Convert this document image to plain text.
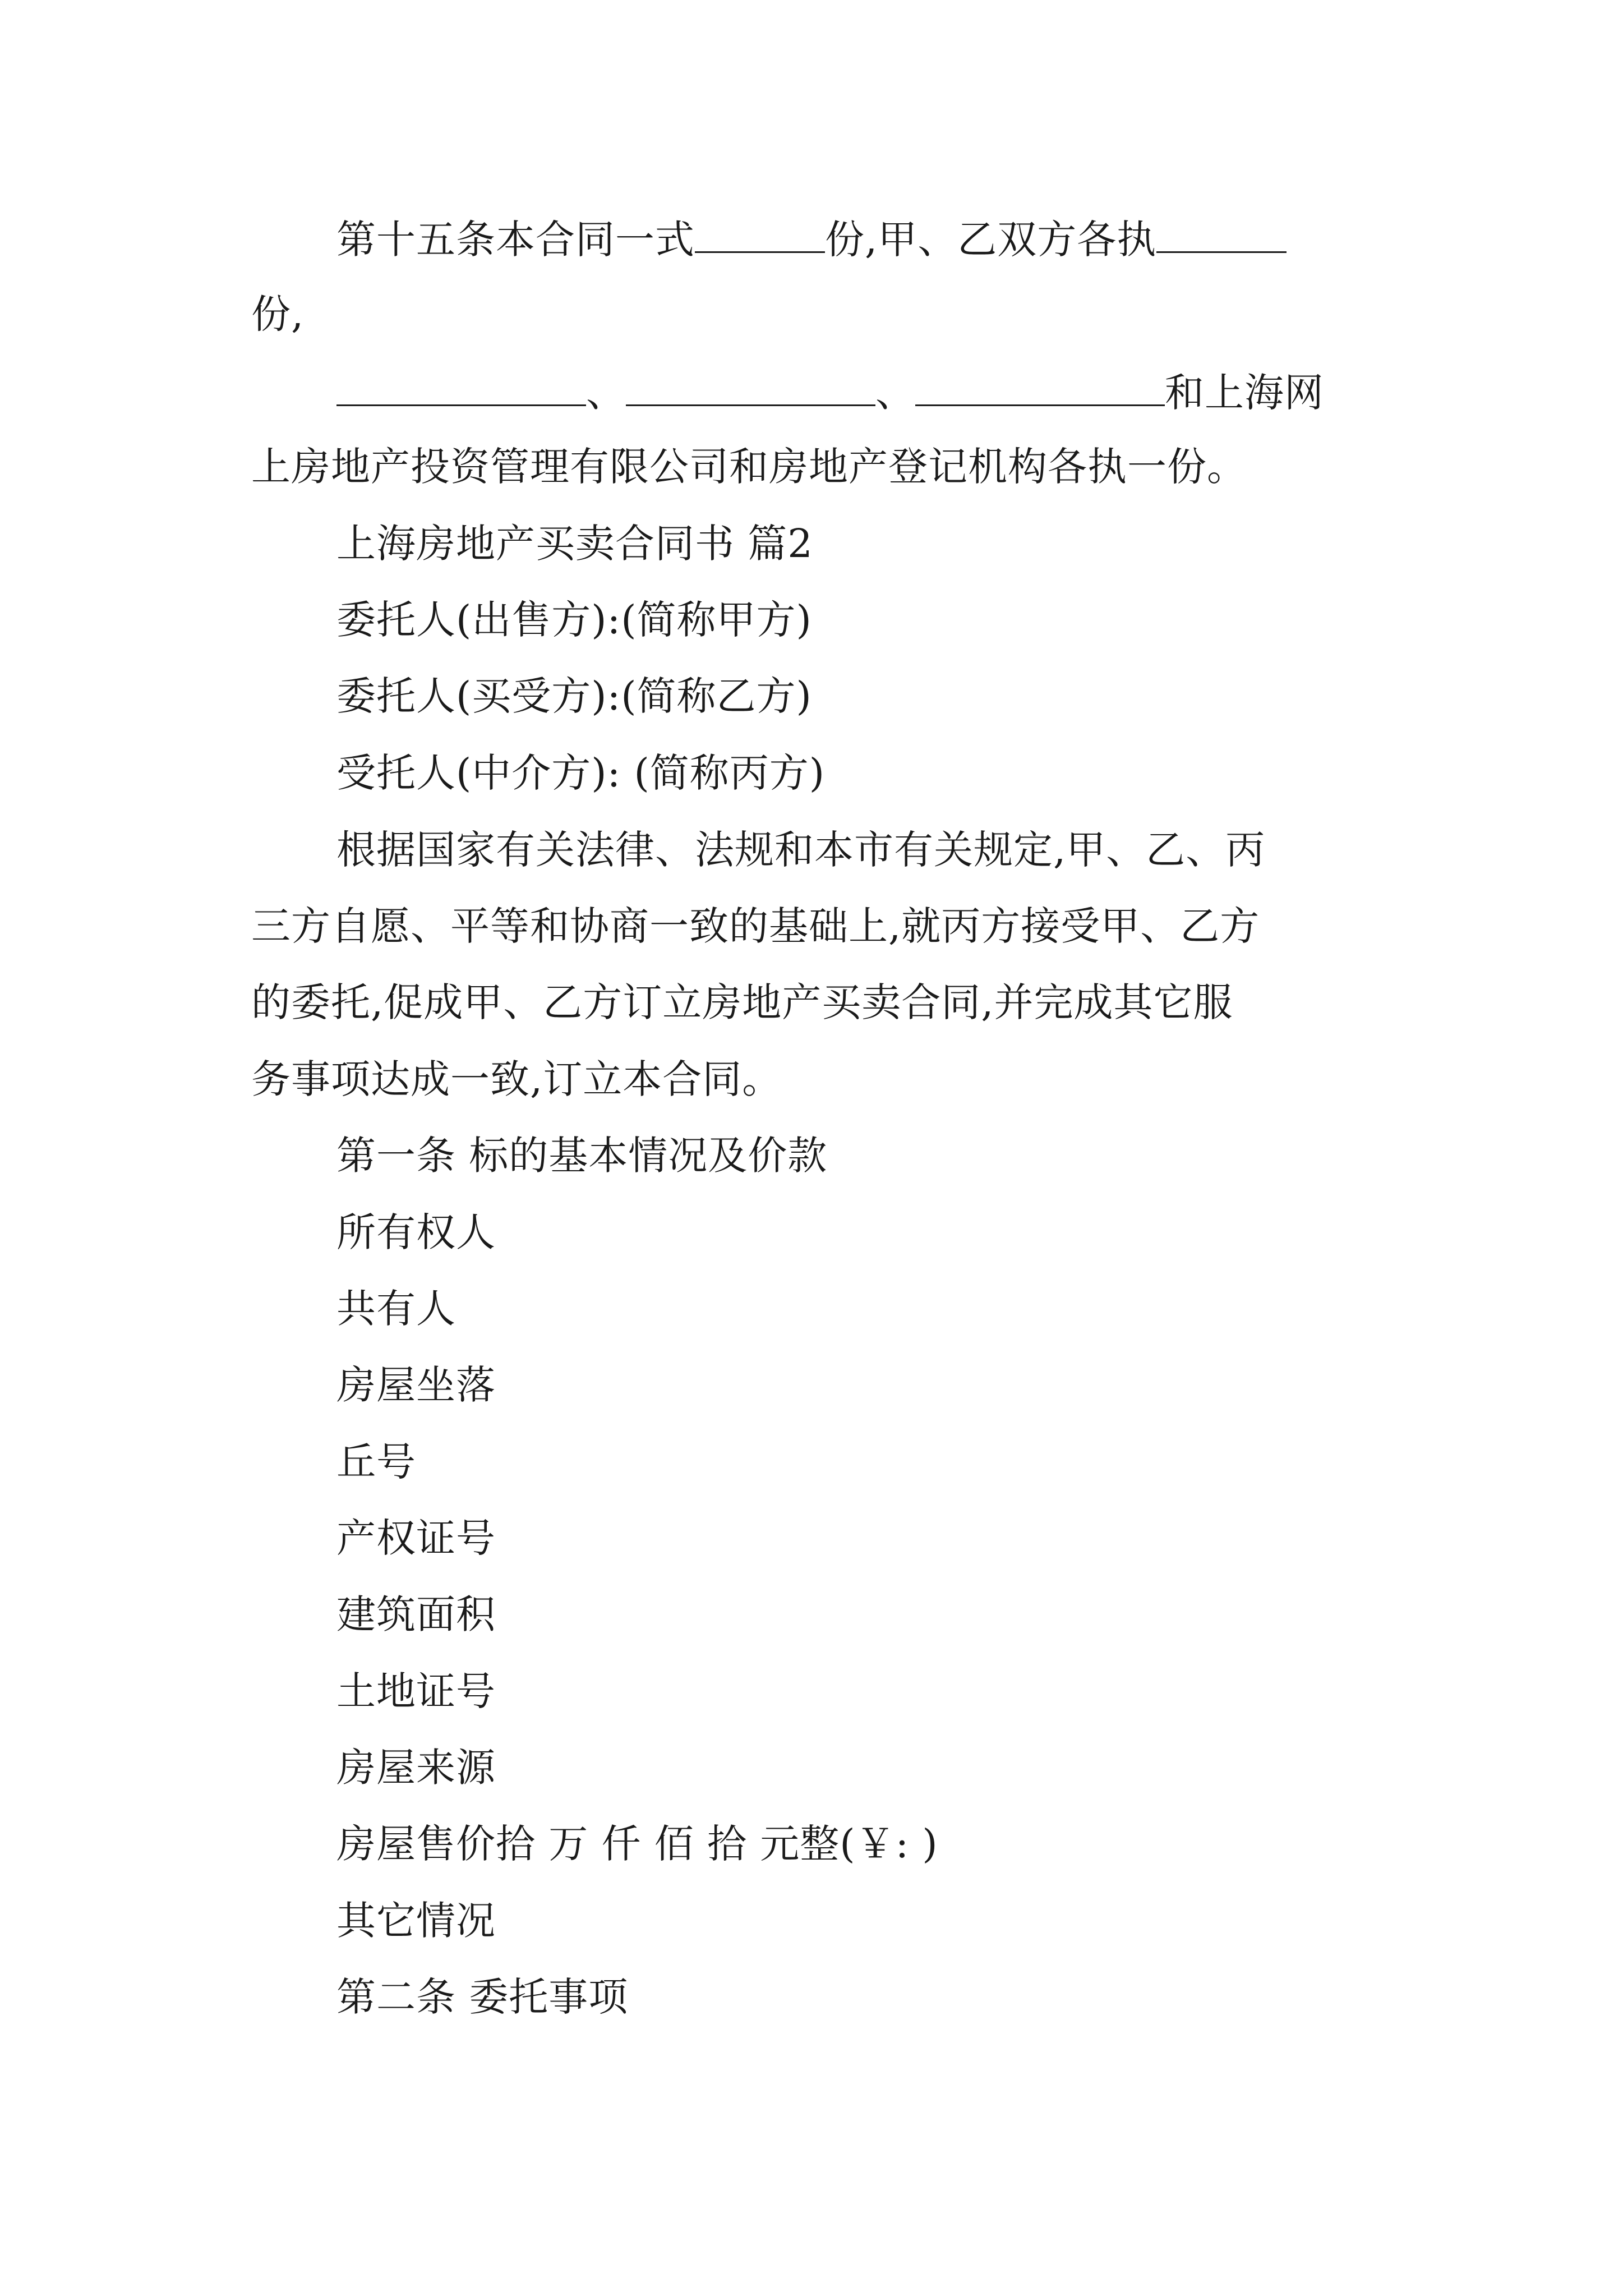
第十五条本合同一式	份,甲、乙双方各执
份,
、	、	和上海网
上房地产投资管理有限公司和房地产登记机构各执一份。
上海房地产买卖合同书 篇2
委托人(出售方):(简称甲方)
委托人(买受方):(简称乙方)
受托人(中介方): (简称丙方)
根据国家有关法律、法规和本市有关规定,甲、乙、丙
三方自愿、平等和协商一致的基础上,就丙方接受甲、乙方
的委托,促成甲、乙方订立房地产买卖合同,并完成其它服
务事项达成一致,订立本合同。
第一条 标的基本情况及价款
所有权人
共有人
房屋坐落
丘号
产权证号
建筑面积
土地证号
房屋来源
房屋售价拾 万 仟 佰 拾 元整(￥: )
其它情况
第二条 委托事项
